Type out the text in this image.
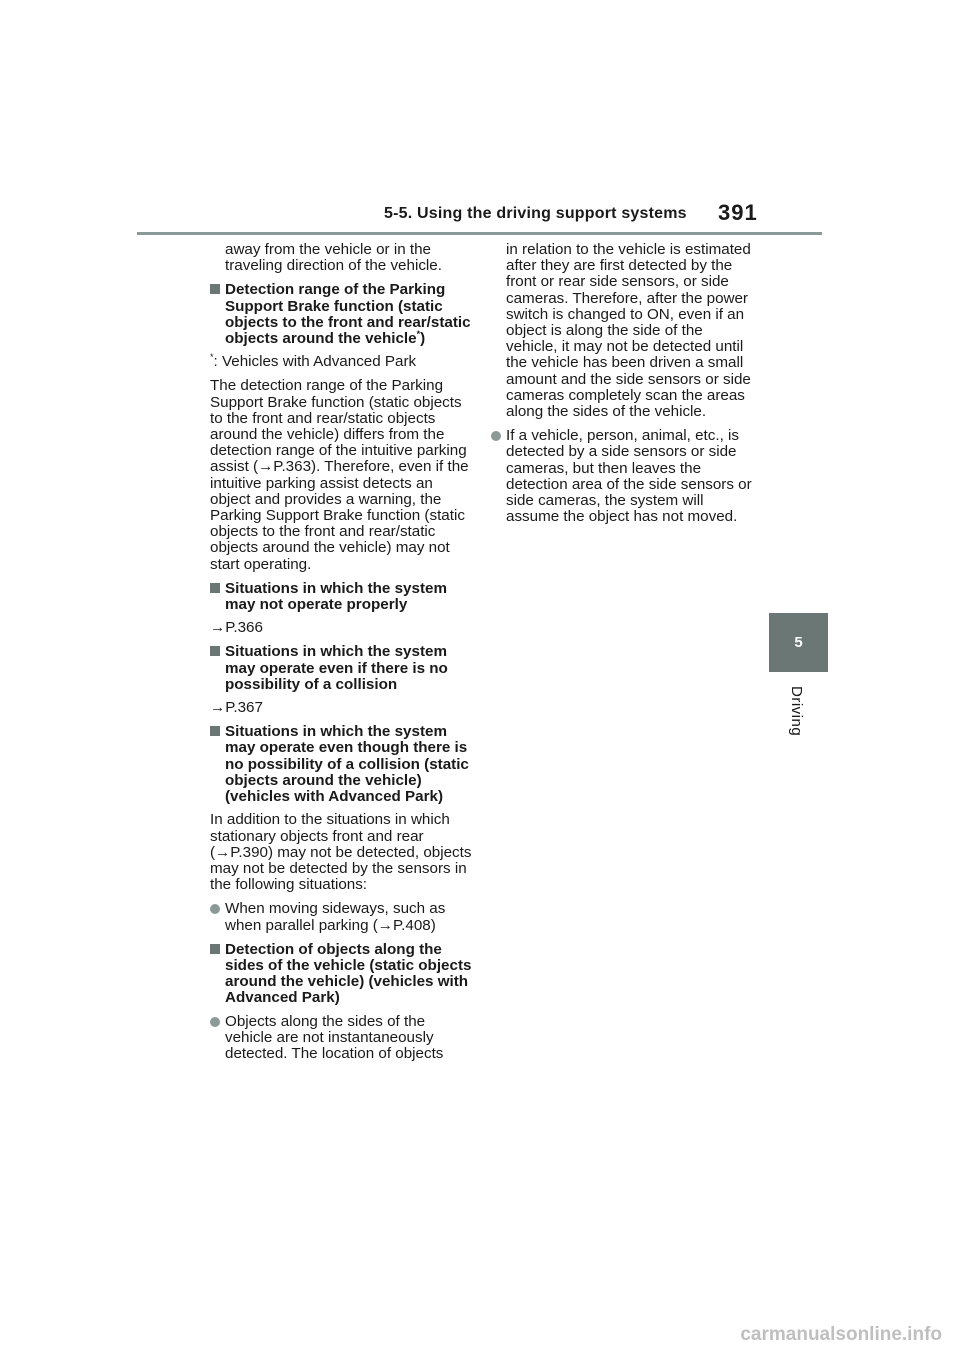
5-5. Using the driving support systems 391
5
Driving
away from the vehicle or in the traveling direction of the vehicle.
Detection range of the Parking Support Brake function (static objects to the front and rear/static objects around the vehicle*)
*: Vehicles with Advanced Park
The detection range of the Parking Support Brake function (static objects to the front and rear/static objects around the vehicle) differs from the detection range of the intuitive parking assist (→P.363). Therefore, even if the intuitive parking assist detects an object and provides a warning, the Parking Support Brake function (static objects to the front and rear/static objects around the vehicle) may not start operating.
Situations in which the system may not operate properly
→P.366
Situations in which the system may operate even if there is no possibility of a collision
→P.367
Situations in which the system may operate even though there is no possibility of a collision (static objects around the vehicle) (vehicles with Advanced Park)
In addition to the situations in which stationary objects front and rear (→P.390) may not be detected, objects may not be detected by the sensors in the following situations:
When moving sideways, such as when parallel parking (→P.408)
Detection of objects along the sides of the vehicle (static objects around the vehicle) (vehicles with Advanced Park)
Objects along the sides of the vehicle are not instantaneously detected. The location of objects
in relation to the vehicle is estimated after they are first detected by the front or rear side sensors, or side cameras. Therefore, after the power switch is changed to ON, even if an object is along the side of the vehicle, it may not be detected until the vehicle has been driven a small amount and the side sensors or side cameras completely scan the areas along the sides of the vehicle.
If a vehicle, person, animal, etc., is detected by a side sensors or side cameras, but then leaves the detection area of the side sensors or side cameras, the system will assume the object has not moved.
carmanualsonline.info
